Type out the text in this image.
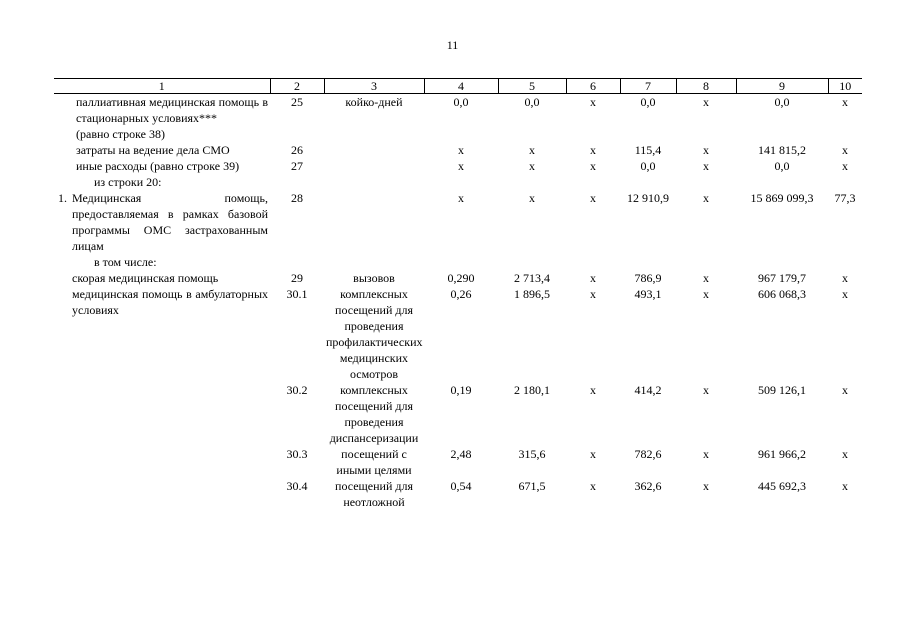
11
1	2	3	4	5	6	7	8	9	10
паллиативная медицинская помощь в стационарных условиях***	25	койко-дней	0,0	0,0	х	0,0	х	0,0	х
(равно строке 38)									
затраты на ведение дела СМО	26		х	х	х	115,4	х	141 815,2	х
иные расходы (равно строке 39)	27		х	х	х	0,0	х	0,0	х
из строки 20:									
1. Медицинская помощь, предоставляемая в рамках базовой программы ОМС застрахованным лицам	28		х	х	х	12 910,9	х	15 869 099,3	77,3
в том числе:									
скорая медицинская помощь	29	вызовов	0,290	2 713,4	х	786,9	х	967 179,7	х
медицинская помощь в амбулаторных условиях	30.1	комплексных посещений для проведения профилактических медицинских осмотров	0,26	1 896,5	х	493,1	х	606 068,3	х
	30.2	комплексных посещений для проведения диспансеризации	0,19	2 180,1	х	414,2	х	509 126,1	х
	30.3	посещений с иными целями	2,48	315,6	х	782,6	х	961 966,2	х
	30.4	посещений для неотложной	0,54	671,5	х	362,6	х	445 692,3	х
